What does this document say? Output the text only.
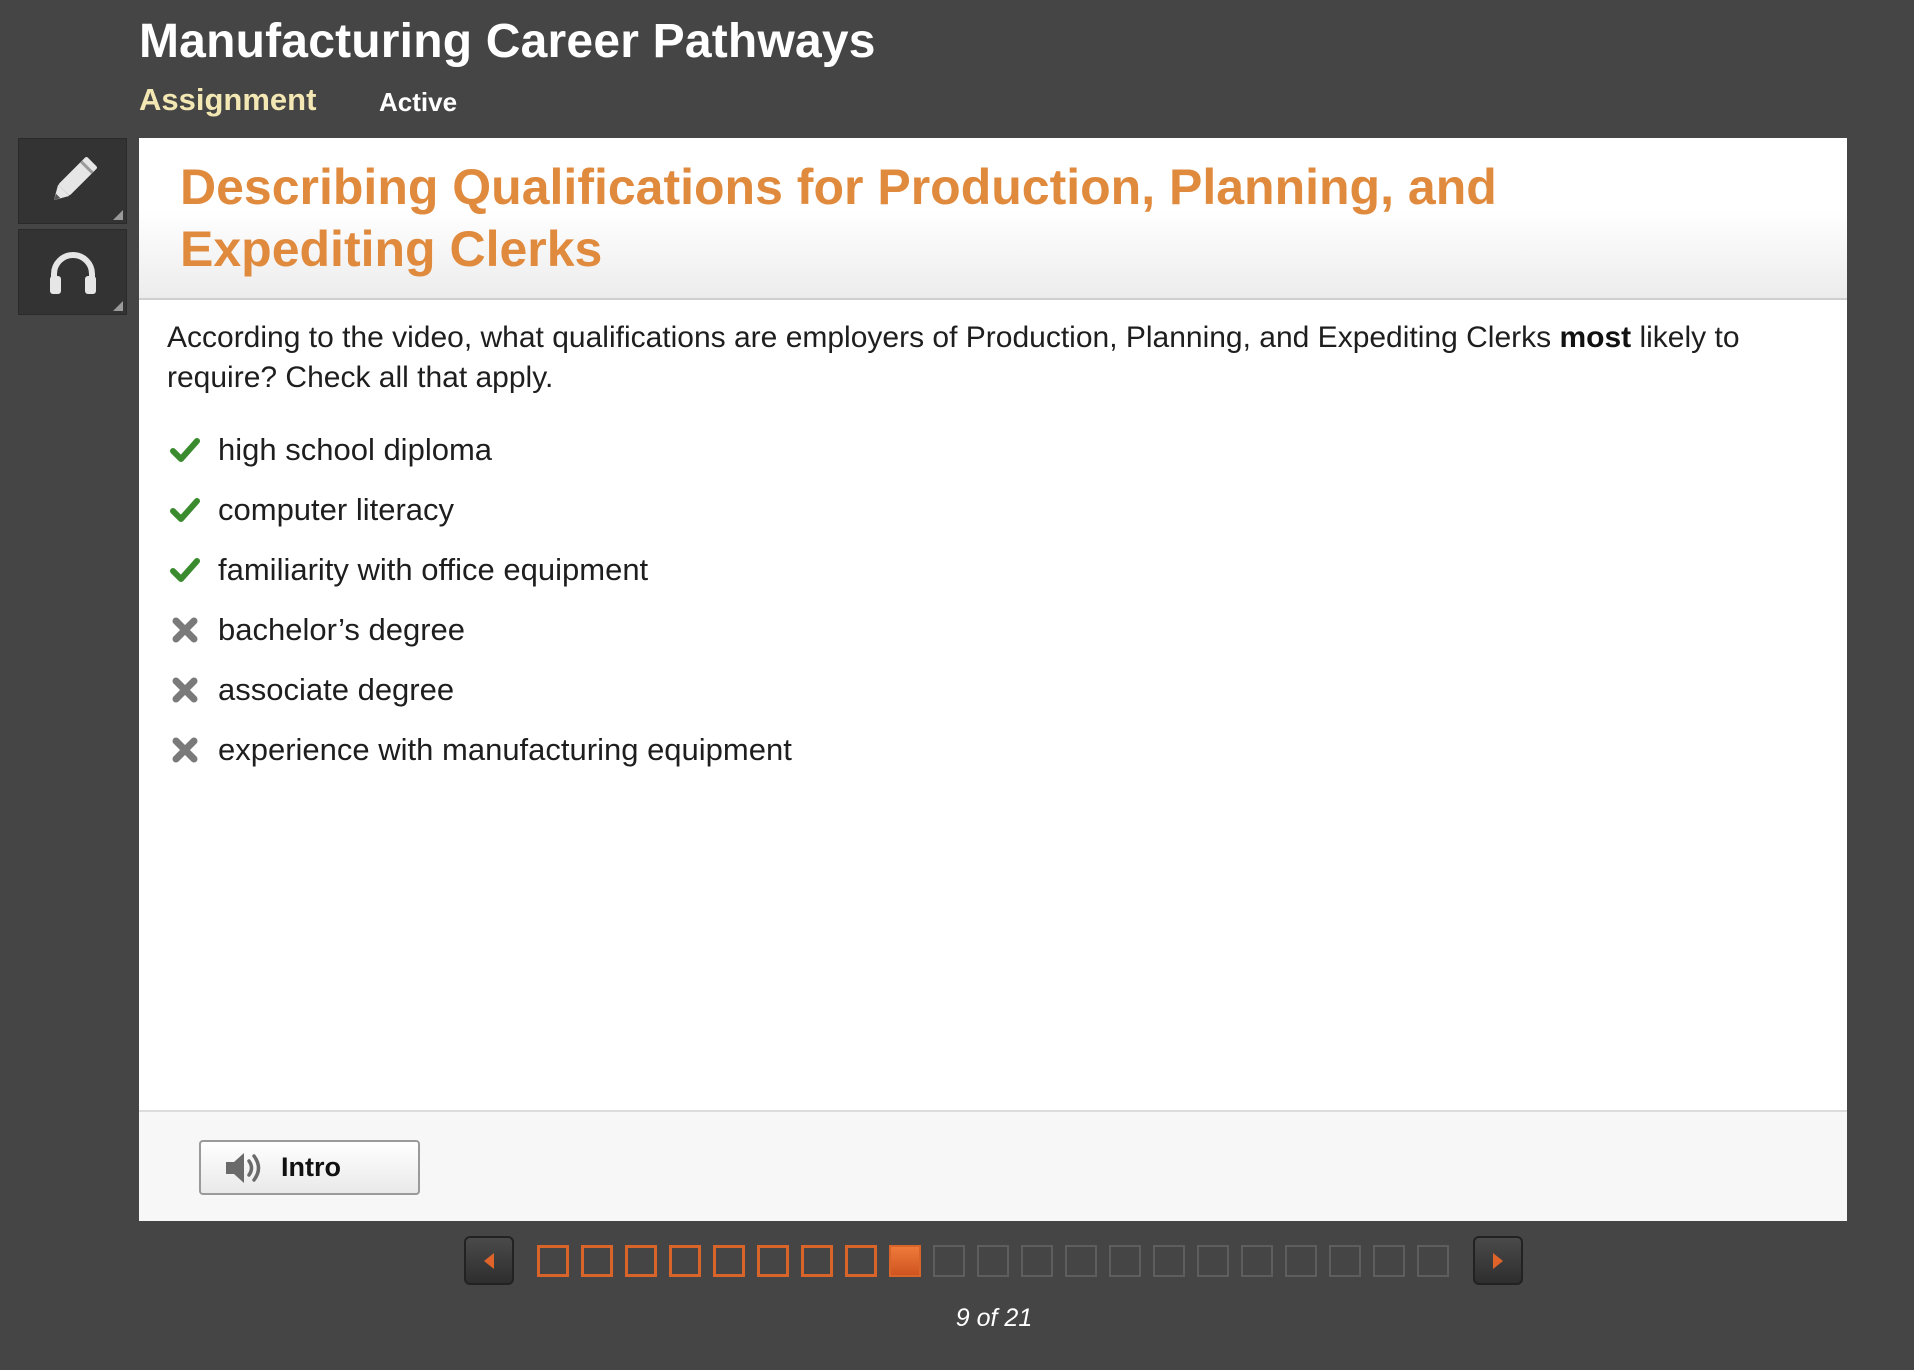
Manufacturing Career Pathways
Assignment Active
Describing Qualifications for Production, Planning, and Expediting Clerks
According to the video, what qualifications are employers of Production, Planning, and Expediting Clerks most likely to require? Check all that apply.
high school diploma
computer literacy
familiarity with office equipment
bachelor’s degree
associate degree
experience with manufacturing equipment
Intro
9 of 21
